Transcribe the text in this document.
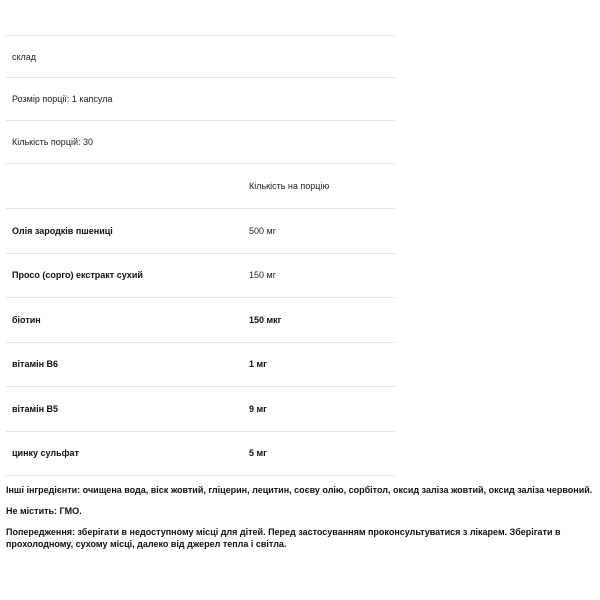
склад
Розмір порції: 1 капсула
Кількість порцій: 30
Кількість на порцію
Олія зародків пшениці	500 мг
Просо (сорго) екстракт сухий	150 мг
біотин	150 мкг
вітамін В6	1 мг
вітамін В5	9 мг
цинку сульфат	5 мг

Інші інгредієнти: очищена вода, віск жовтий, гліцерин, лецитин, соєву олію, сорбітол, оксид заліза жовтий, оксид заліза червоний.

Не містить: ГМО.

Попередження: зберігати в недоступному місці для дітей. Перед застосуванням проконсультуватися з лікарем. Зберігати в прохолодному, сухому місці, далеко від джерел тепла і світла.
